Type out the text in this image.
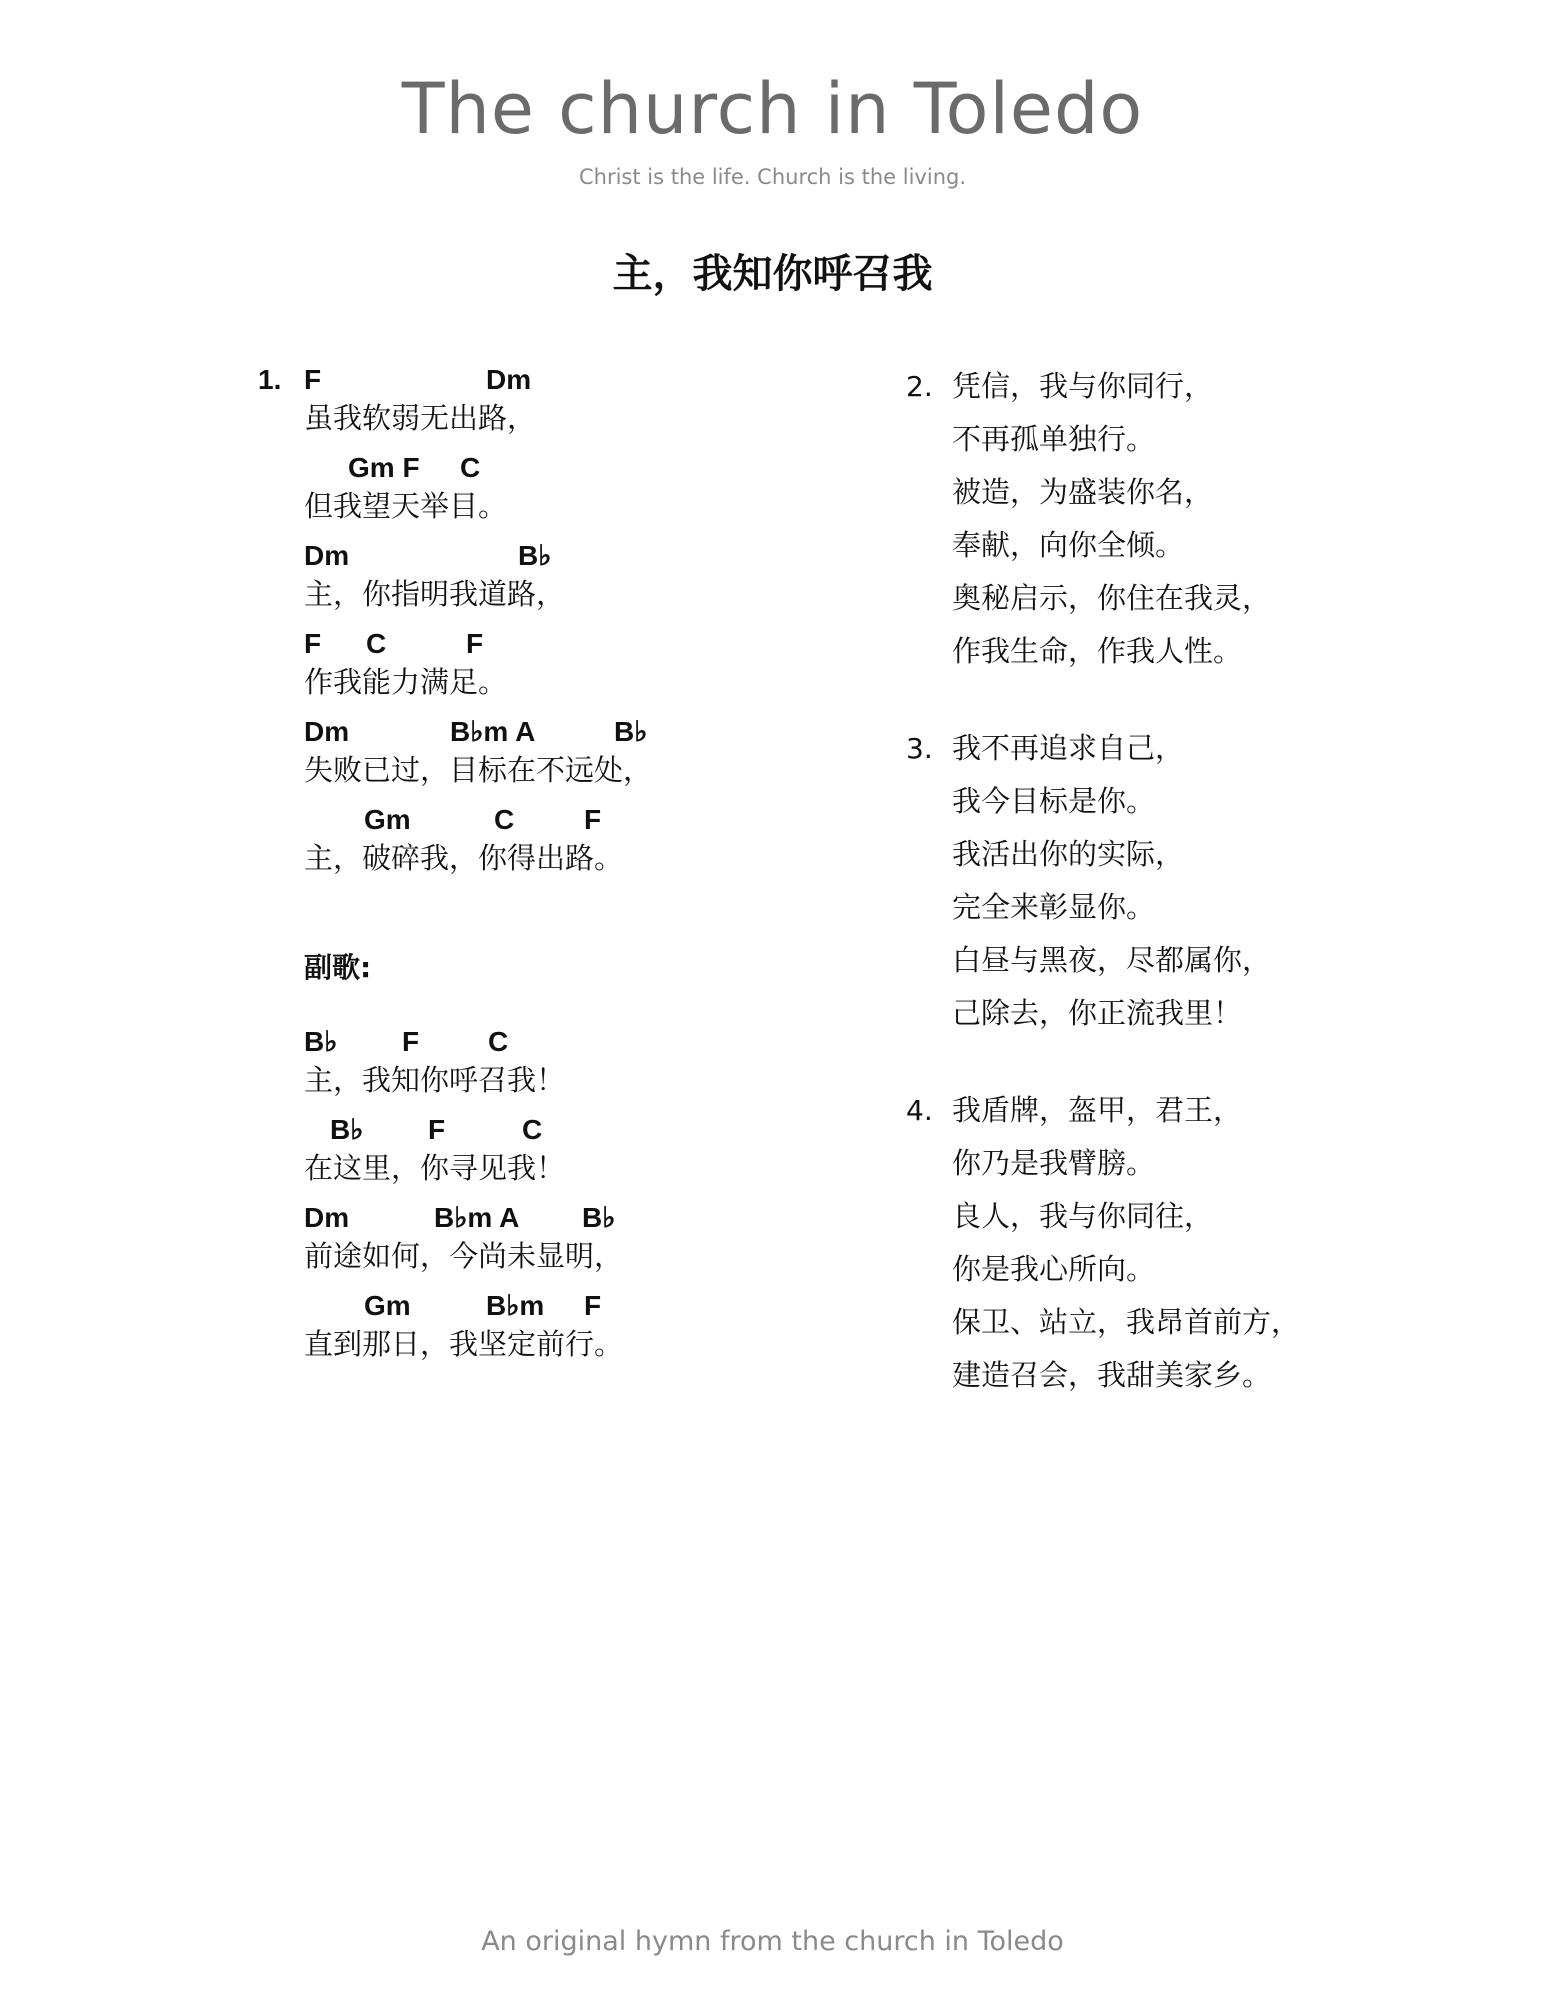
The church in Toledo
Christ is the life. Church is the living.
主，我知你呼召我
1. F	Dm
虽我软弱无出路，
Gm F C
但我望天举目。
Dm	B♭
主，你指明我道路，
F C	F
作我能力满足。
Dm	B♭m A	B♭
失败已过，目标在不远处，
Gm	C F
主，破碎我，你得出路。
副歌:
B♭ F C
主，我知你呼召我！
B♭ F	C
在这里，你寻见我！
Dm	B♭m A B♭
前途如何，今尚未显明，
Gm	B♭m F
直到那日，我坚定前行。
2. 凭信，我与你同行，
不再孤单独行。
被造，为盛装你名，
奉献，向你全倾。
奥秘启示，你住在我灵，
作我生命，作我人性。
3. 我不再追求自己，
我今目标是你。
我活出你的实际，
完全来彰显你。
白昼与黑夜，尽都属你，
己除去，你正流我里！
4. 我盾牌，盔甲，君王，
你乃是我臂膀。
良人，我与你同往，
你是我心所向。
保卫、站立，我昂首前方，
建造召会，我甜美家乡。
An original hymn from the church in Toledo
